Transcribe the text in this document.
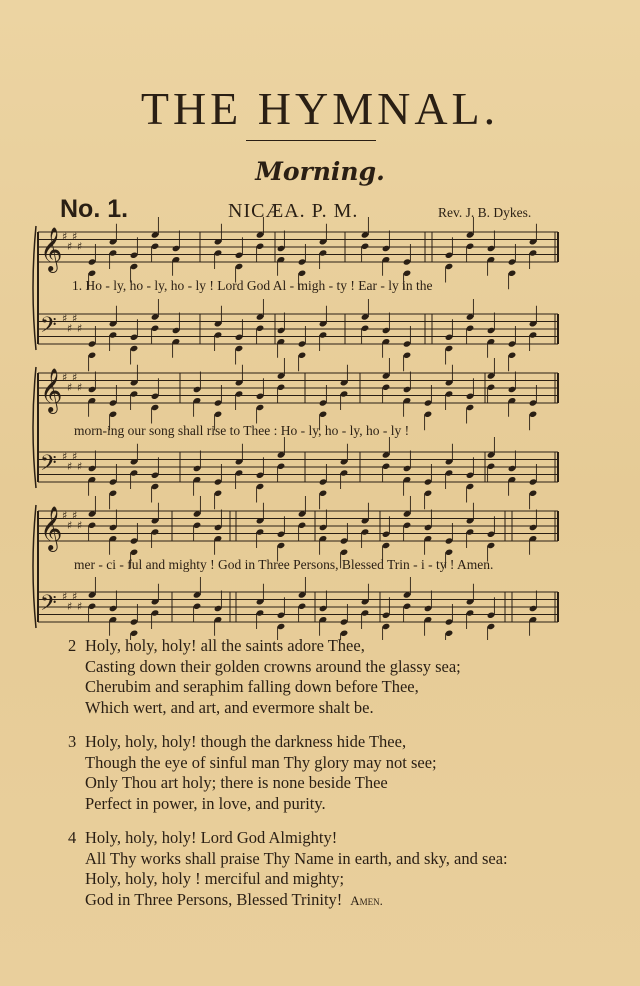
THE HYMNAL.
Morning.
No. 1.	NICÆA. P. M.	Rev. J. B. Dykes.
𝄞 ♯
♯
♯
♯
𝄢 ♯
♯
♯
♯
𝄞 ♯
♯
♯
♯
𝄢 ♯
♯
♯
♯
𝄞 ♯
♯
♯
♯
𝄢 ♯
♯
♯
♯
1. Ho - ly, ho - ly, ho - ly ! Lord God Al - migh - ty ! Ear - ly in the
morn-ing our song shall rise to Thee : Ho - ly, ho - ly, ho - ly !
mer - ci - ful and mighty ! God in Three Persons, Blessed Trin - i - ty ! Amen.
2 Holy, holy, holy! all the saints adore Thee,
Casting down their golden crowns around the glassy sea;
Cherubim and seraphim falling down before Thee,
Which wert, and art, and evermore shalt be.
3 Holy, holy, holy! though the darkness hide Thee,
Though the eye of sinful man Thy glory may not see;
Only Thou art holy; there is none beside Thee
Perfect in power, in love, and purity.
4 Holy, holy, holy! Lord God Almighty!
All Thy works shall praise Thy Name in earth, and sky, and sea:
Holy, holy, holy ! merciful and mighty;
God in Three Persons, Blessed Trinity! Amen.
